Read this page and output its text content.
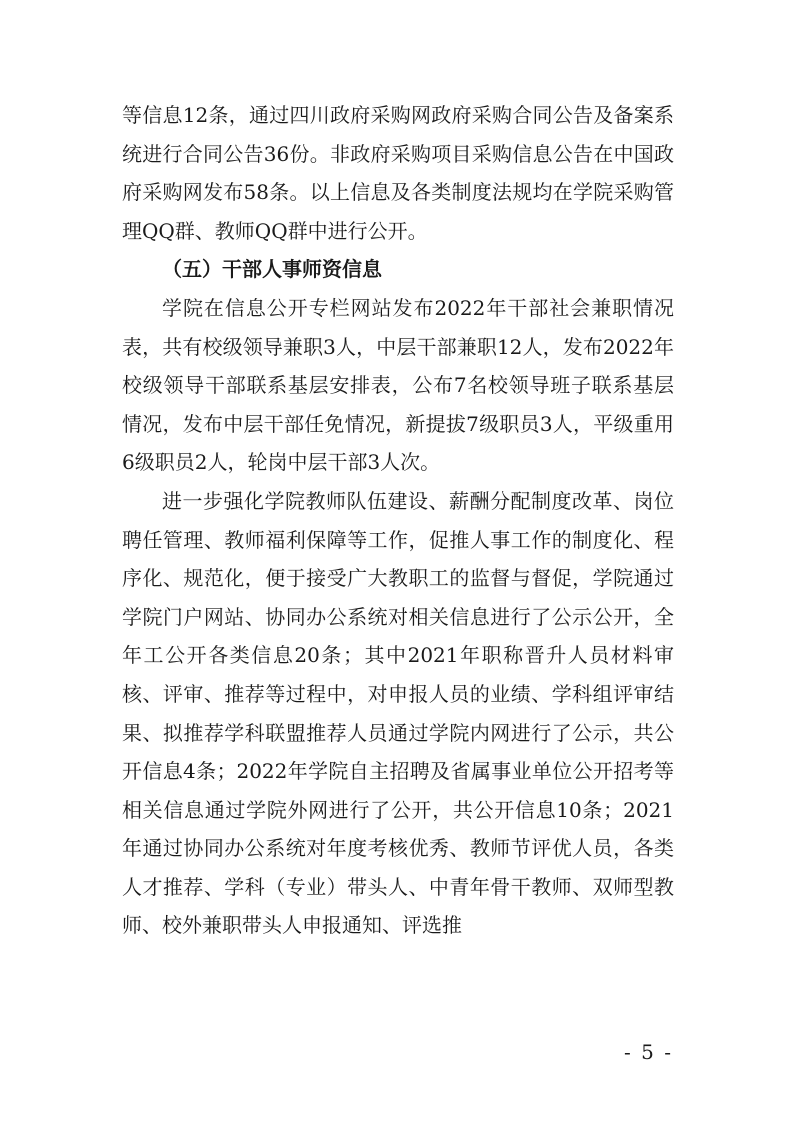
等信息12条，通过四川政府采购网政府采购合同公告及备案系统进行合同公告36份。非政府采购项目采购信息公告在中国政府采购网发布58条。以上信息及各类制度法规均在学院采购管理QQ群、教师QQ群中进行公开。

（五）干部人事师资信息

学院在信息公开专栏网站发布2022年干部社会兼职情况表，共有校级领导兼职3人，中层干部兼职12人，发布2022年校级领导干部联系基层安排表，公布7名校领导班子联系基层情况，发布中层干部任免情况，新提拔7级职员3人，平级重用6级职员2人，轮岗中层干部3人次。

进一步强化学院教师队伍建设、薪酬分配制度改革、岗位聘任管理、教师福利保障等工作，促推人事工作的制度化、程序化、规范化，便于接受广大教职工的监督与督促，学院通过学院门户网站、协同办公系统对相关信息进行了公示公开，全年工公开各类信息20条；其中2021年职称晋升人员材料审核、评审、推荐等过程中，对申报人员的业绩、学科组评审结果、拟推荐学科联盟推荐人员通过学院内网进行了公示，共公开信息4条；2022年学院自主招聘及省属事业单位公开招考等相关信息通过学院外网进行了公开，共公开信息10条；2021年通过协同办公系统对年度考核优秀、教师节评优人员，各类人才推荐、学科（专业）带头人、中青年骨干教师、双师型教师、校外兼职带头人申报通知、评选推

- 5 -
